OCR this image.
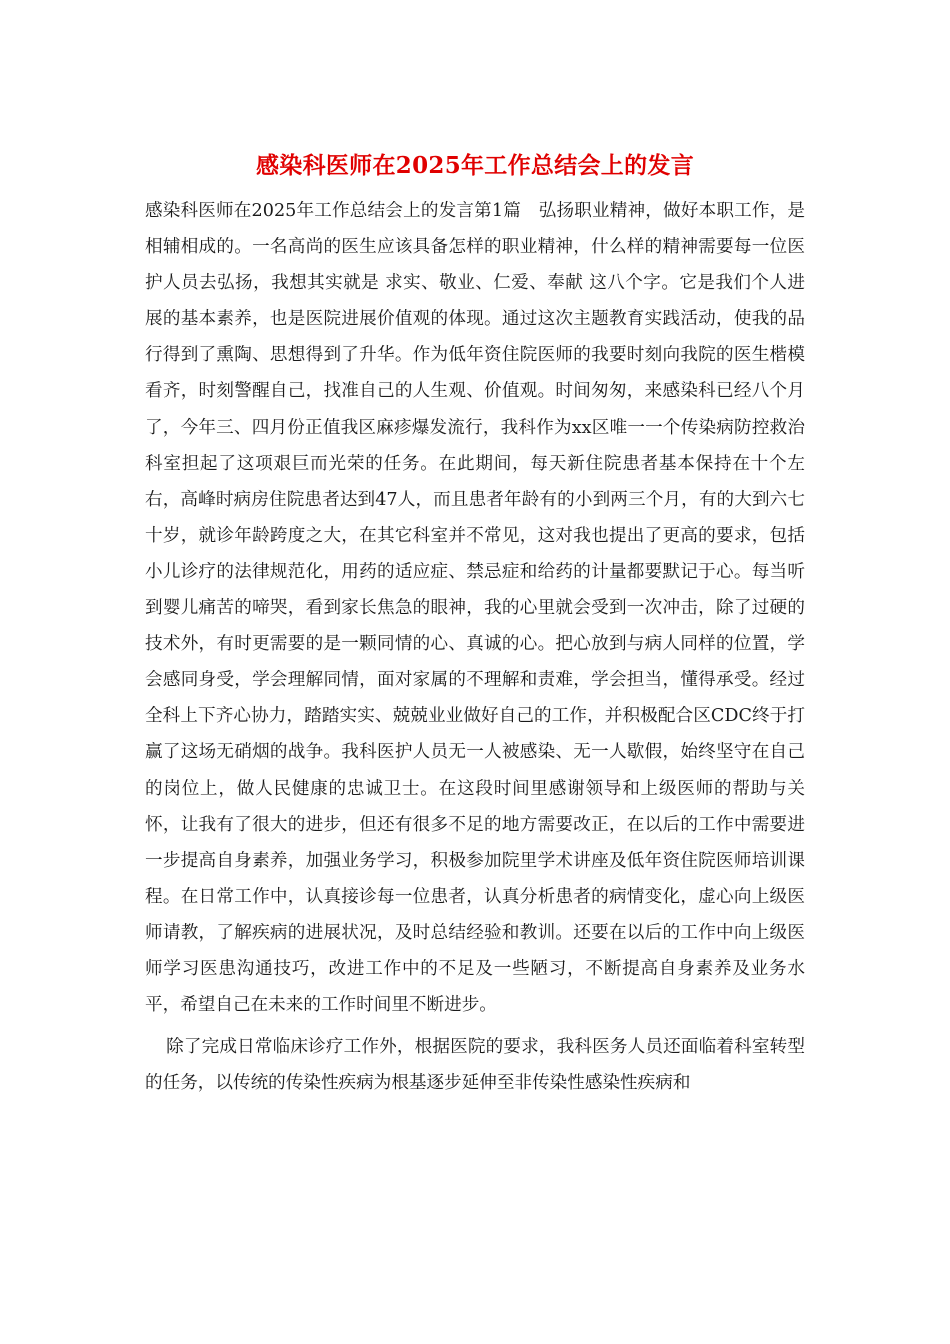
感染科医师在2025年工作总结会上的发言

感染科医师在2025年工作总结会上的发言第1篇　弘扬职业精神，做好本职工作，是相辅相成的。一名高尚的医生应该具备怎样的职业精神，什么样的精神需要每一位医护人员去弘扬，我想其实就是 求实、敬业、仁爱、奉献 这八个字。它是我们个人进展的基本素养，也是医院进展价值观的体现。通过这次主题教育实践活动，使我的品行得到了熏陶、思想得到了升华。作为低年资住院医师的我要时刻向我院的医生楷模看齐，时刻警醒自己，找准自己的人生观、价值观。时间匆匆，来感染科已经八个月了，今年三、四月份正值我区麻疹爆发流行，我科作为xx区唯一一个传染病防控救治科室担起了这项艰巨而光荣的任务。在此期间，每天新住院患者基本保持在十个左右，高峰时病房住院患者达到47人，而且患者年龄有的小到两三个月，有的大到六七十岁，就诊年龄跨度之大，在其它科室并不常见，这对我也提出了更高的要求，包括小儿诊疗的法律规范化，用药的适应症、禁忌症和给药的计量都要默记于心。每当听到婴儿痛苦的啼哭，看到家长焦急的眼神，我的心里就会受到一次冲击，除了过硬的技术外，有时更需要的是一颗同情的心、真诚的心。把心放到与病人同样的位置，学会感同身受，学会理解同情，面对家属的不理解和责难，学会担当，懂得承受。经过全科上下齐心协力，踏踏实实、兢兢业业做好自己的工作，并积极配合区CDC终于打赢了这场无硝烟的战争。我科医护人员无一人被感染、无一人歇假，始终坚守在自己的岗位上，做人民健康的忠诚卫士。在这段时间里感谢领导和上级医师的帮助与关怀，让我有了很大的进步，但还有很多不足的地方需要改正，在以后的工作中需要进一步提高自身素养，加强业务学习，积极参加院里学术讲座及低年资住院医师培训课程。在日常工作中，认真接诊每一位患者，认真分析患者的病情变化，虚心向上级医师请教，了解疾病的进展状况，及时总结经验和教训。还要在以后的工作中向上级医师学习医患沟通技巧，改进工作中的不足及一些陋习，不断提高自身素养及业务水平，希望自己在未来的工作时间里不断进步。

除了完成日常临床诊疗工作外，根据医院的要求，我科医务人员还面临着科室转型的任务，以传统的传染性疾病为根基逐步延伸至非传染性感染性疾病和
